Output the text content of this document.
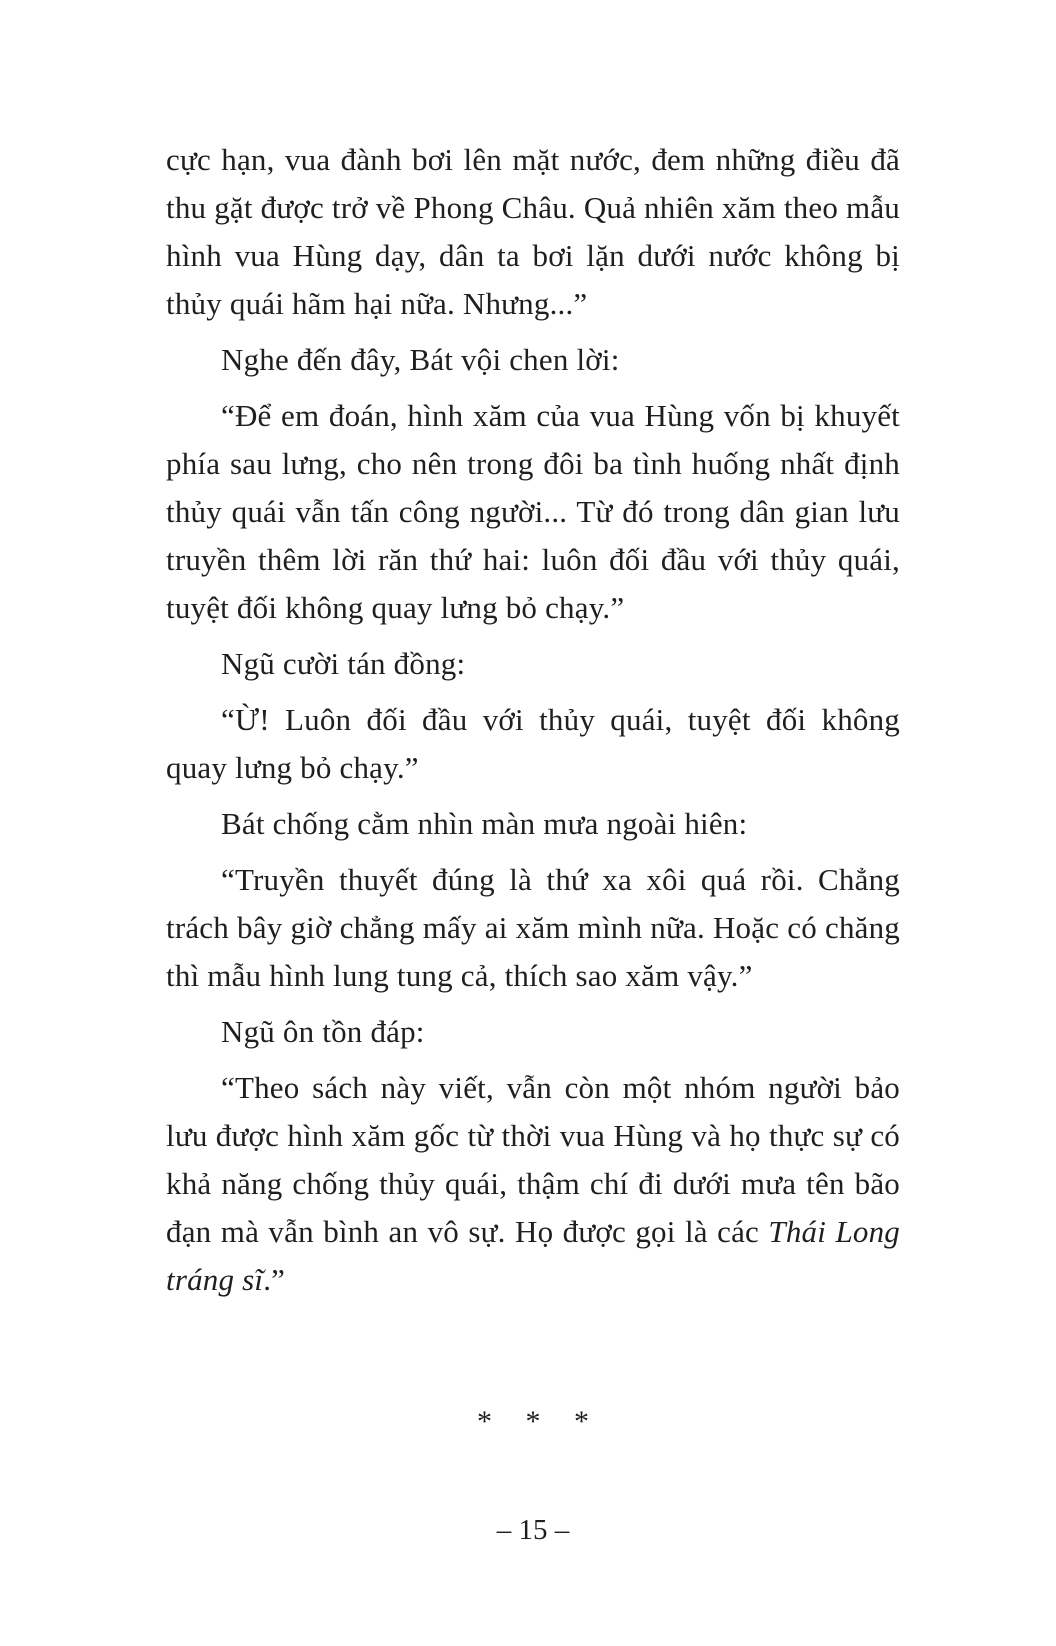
cực hạn, vua đành bơi lên mặt nước, đem những điều đã thu gặt được trở về Phong Châu. Quả nhiên xăm theo mẫu hình vua Hùng dạy, dân ta bơi lặn dưới nước không bị thủy quái hãm hại nữa. Nhưng...”

Nghe đến đây, Bát vội chen lời:

“Để em đoán, hình xăm của vua Hùng vốn bị khuyết phía sau lưng, cho nên trong đôi ba tình huống nhất định thủy quái vẫn tấn công người... Từ đó trong dân gian lưu truyền thêm lời răn thứ hai: luôn đối đầu với thủy quái, tuyệt đối không quay lưng bỏ chạy.”

Ngũ cười tán đồng:

“Ừ! Luôn đối đầu với thủy quái, tuyệt đối không quay lưng bỏ chạy.”

Bát chống cằm nhìn màn mưa ngoài hiên:

“Truyền thuyết đúng là thứ xa xôi quá rồi. Chẳng trách bây giờ chẳng mấy ai xăm mình nữa. Hoặc có chăng thì mẫu hình lung tung cả, thích sao xăm vậy.”

Ngũ ôn tồn đáp:

“Theo sách này viết, vẫn còn một nhóm người bảo lưu được hình xăm gốc từ thời vua Hùng và họ thực sự có khả năng chống thủy quái, thậm chí đi dưới mưa tên bão đạn mà vẫn bình an vô sự. Họ được gọi là các Thái Long tráng sĩ.”

* * *
– 15 –
